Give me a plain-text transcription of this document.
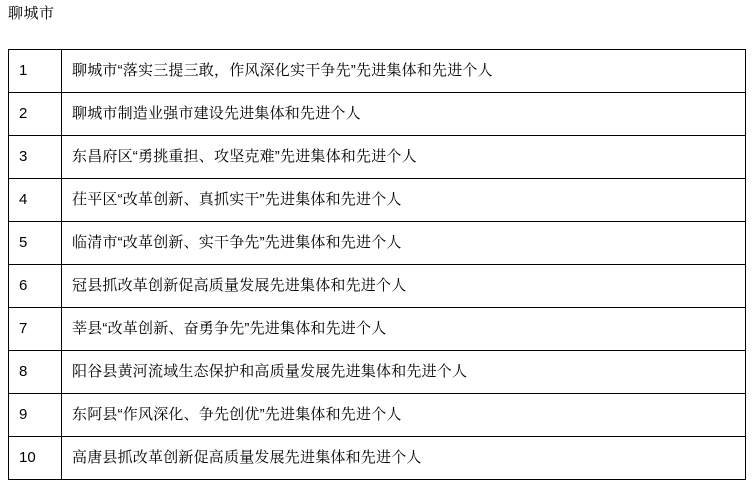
聊城市
1	聊城市“落实三提三敢，作风深化实干争先”先进集体和先进个人
2	聊城市制造业强市建设先进集体和先进个人
3	东昌府区“勇挑重担、攻坚克难”先进集体和先进个人
4	茌平区“改革创新、真抓实干”先进集体和先进个人
5	临清市“改革创新、实干争先”先进集体和先进个人
6	冠县抓改革创新促高质量发展先进集体和先进个人
7	莘县“改革创新、奋勇争先”先进集体和先进个人
8	阳谷县黄河流域生态保护和高质量发展先进集体和先进个人
9	东阿县“作风深化、争先创优”先进集体和先进个人
10	高唐县抓改革创新促高质量发展先进集体和先进个人
